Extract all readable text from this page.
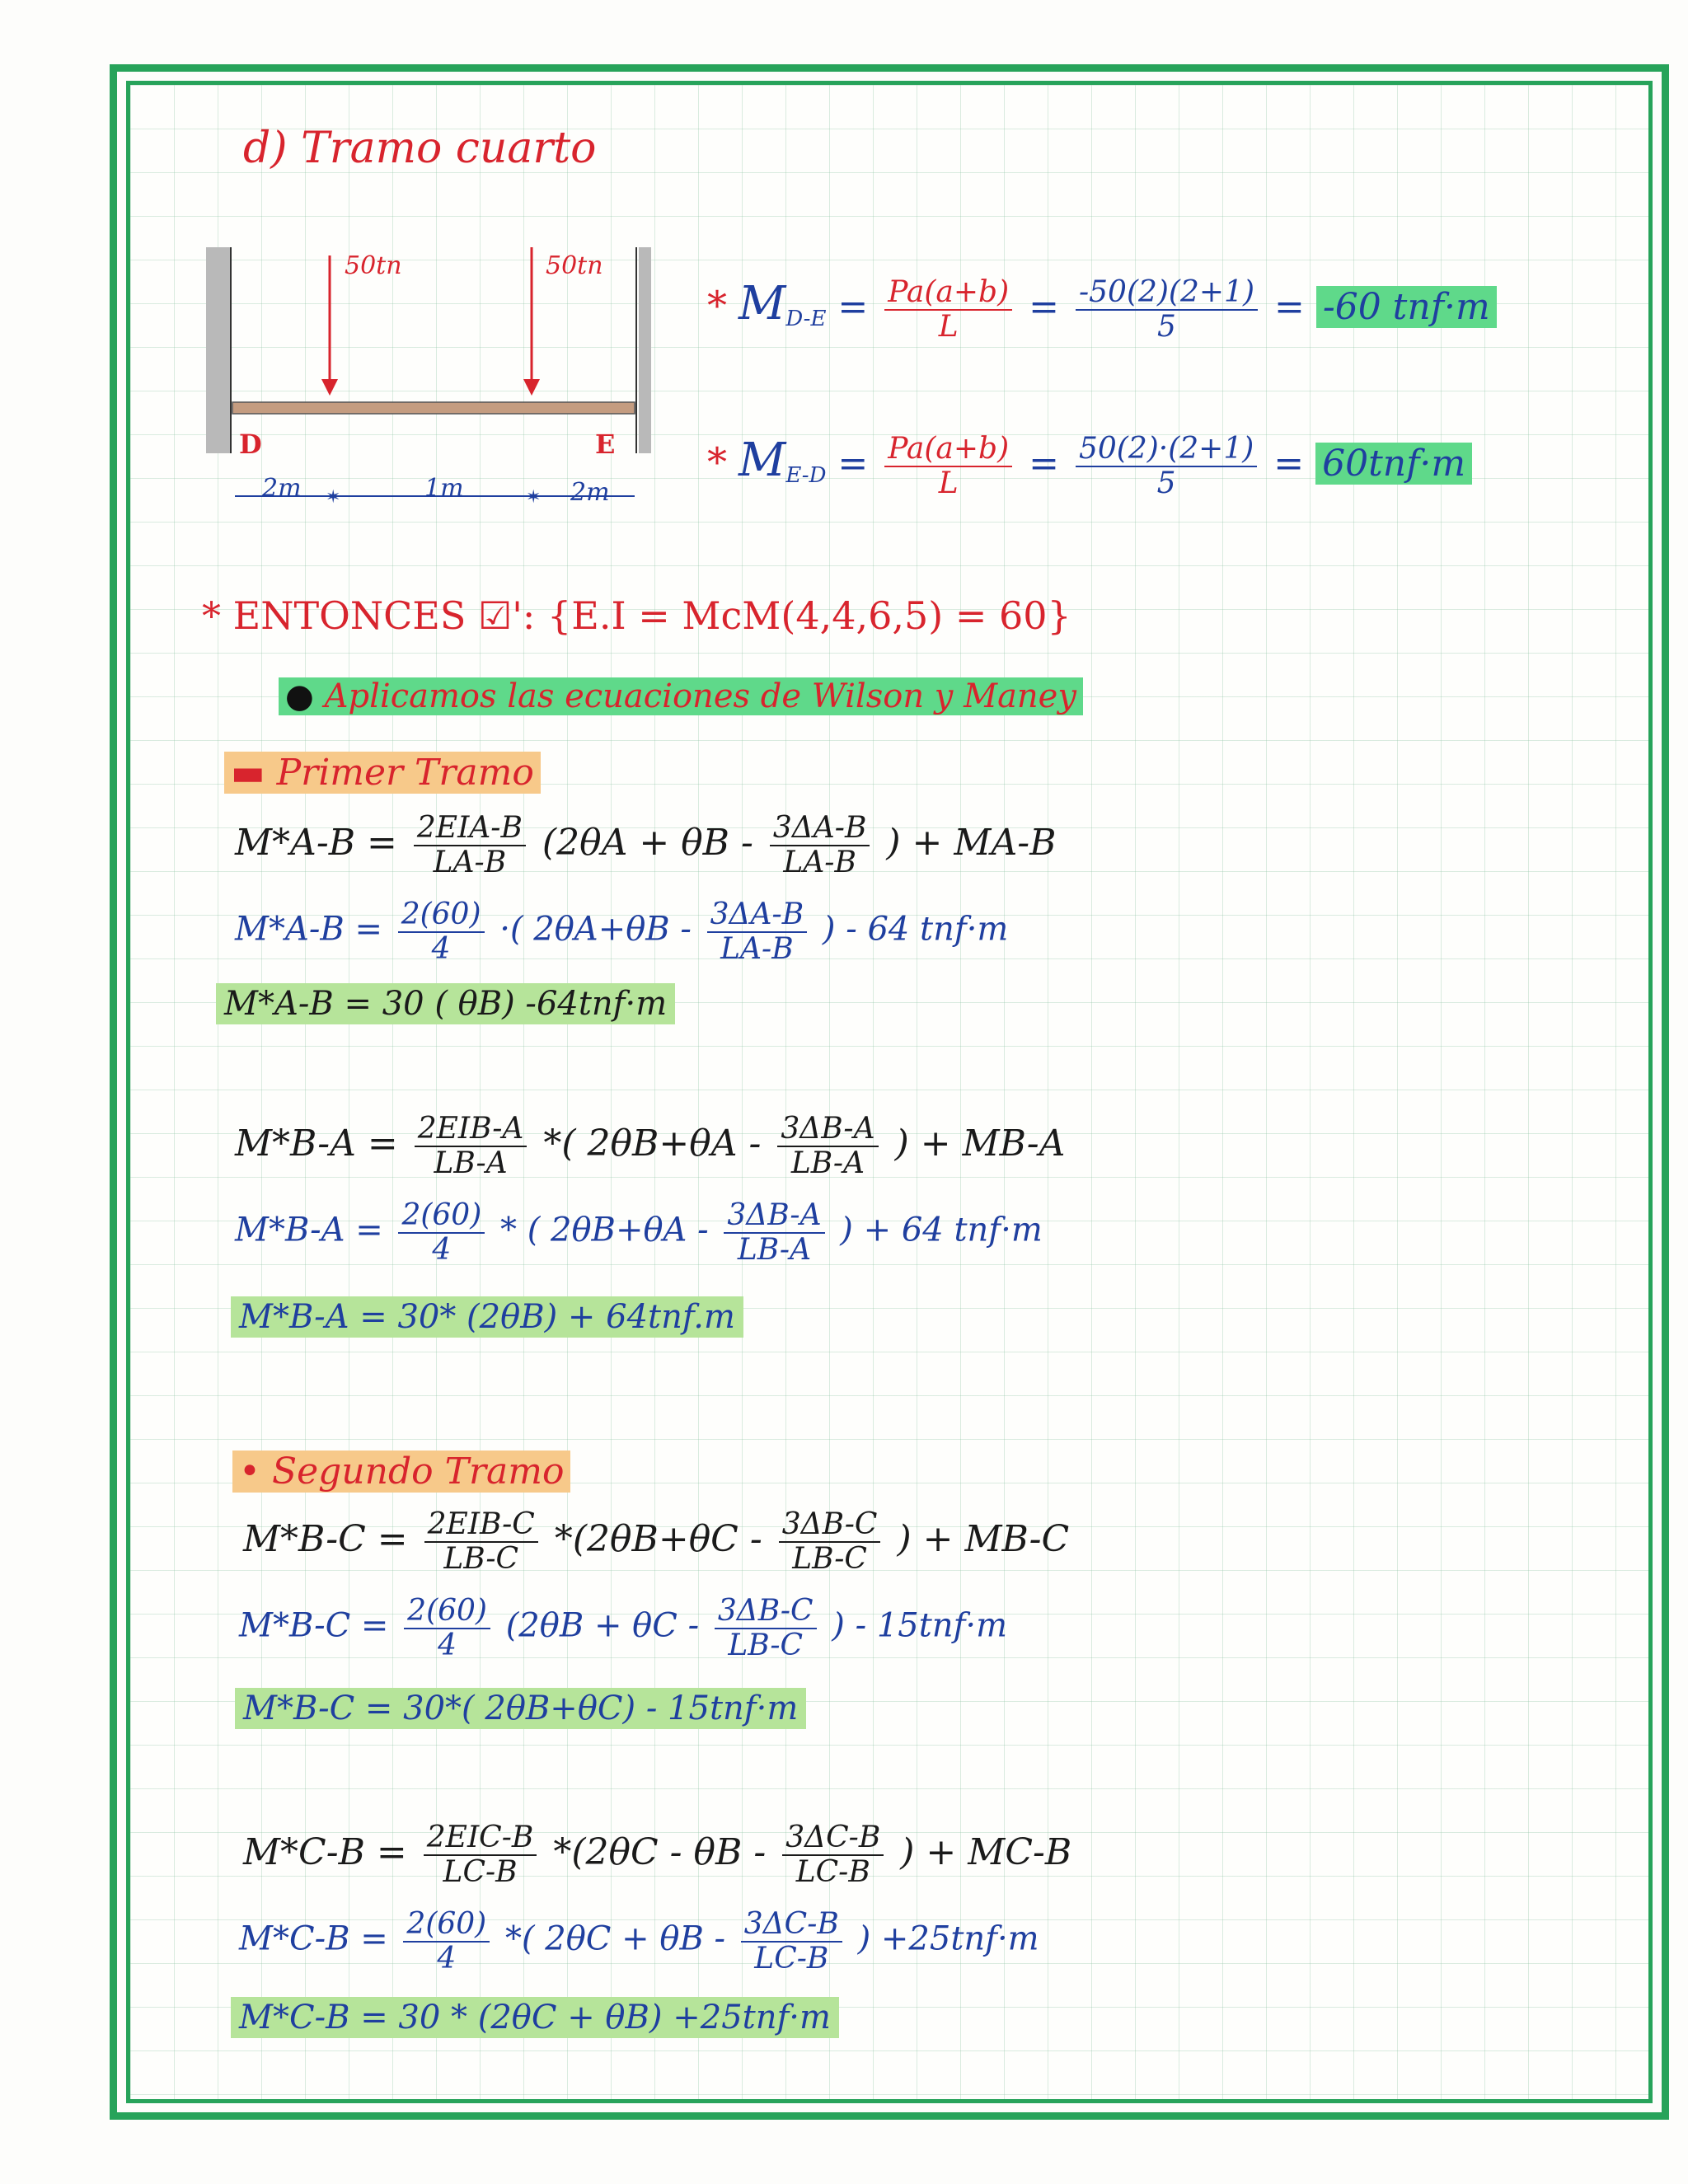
d) Tramo cuarto
✶	✶
50tn	50tn
D	E
2m	1m	2m
* $M_{D-E} = \frac{Pa(a+b)}{L} = \frac{-50(2)(2+1)}{5} = -60$ tnf·m
* $M_{E-D} = \frac{Pa(a+b)}{L} = \frac{50(2)\cdot(2+1)}{5} = 60tnf\cdot m$
* ENTONCES ☑': {E.I = McM(4,4,6,5) = 60}
● Aplicamos las ecuaciones de Wilson y Maney
▬ Primer Tramo
$M*A-B = \frac{\text{2EIA-B}}{LA-B} (2\theta A + \theta B - \frac{3\Delta A-B}{LA-B}$ ) + MA-B
$M*A-B = \frac{2(60)}{4}$ ·( $2\theta A+\theta B - \frac{3\Delta A-B}{LA-B}$ ) - 64 tnf·m
M*A-B = 30 ( θB) -64tnf·m
$M*B-A = \frac{\text{2EIB-A}}{LB-A}$ *( $2\theta B+\theta A - \frac{3\Delta B-A}{LB-A}$ ) + MB-A
$M*B-A = \frac{2(60)}{4}$ * ( $2\theta B+\theta A - \frac{3\Delta B-A}{LB-A}$ ) + 64 tnf·m
M*B-A = 30* (2θB) + 64tnf.m
• Segundo Tramo
$M*B-C = \frac{\text{2EIB-C}}{LB-C} *(2\theta B+\theta C - \frac{3\Delta B-C}{LB-C}$ ) + MB-C
$M*B-C = \frac{2(60)}{4} (2\theta B + \theta C - \frac{3\Delta B-C}{LB-C}$ ) - 15tnf·m
M*B-C = 30*( 2θB+θC) - 15tnf·m
$M*C-B = \frac{\text{2EIC-B}}{LC-B} *(2\theta C - \theta B - \frac{3\Delta C-B}{LC-B}$ ) + MC-B
$M*C-B = \frac{2(60)}{4}$ *( $2\theta C + \theta B - \frac{3\Delta C-B}{LC-B}$ ) +25tnf·m
M*C-B = 30 * (2θC + θB) +25tnf·m
